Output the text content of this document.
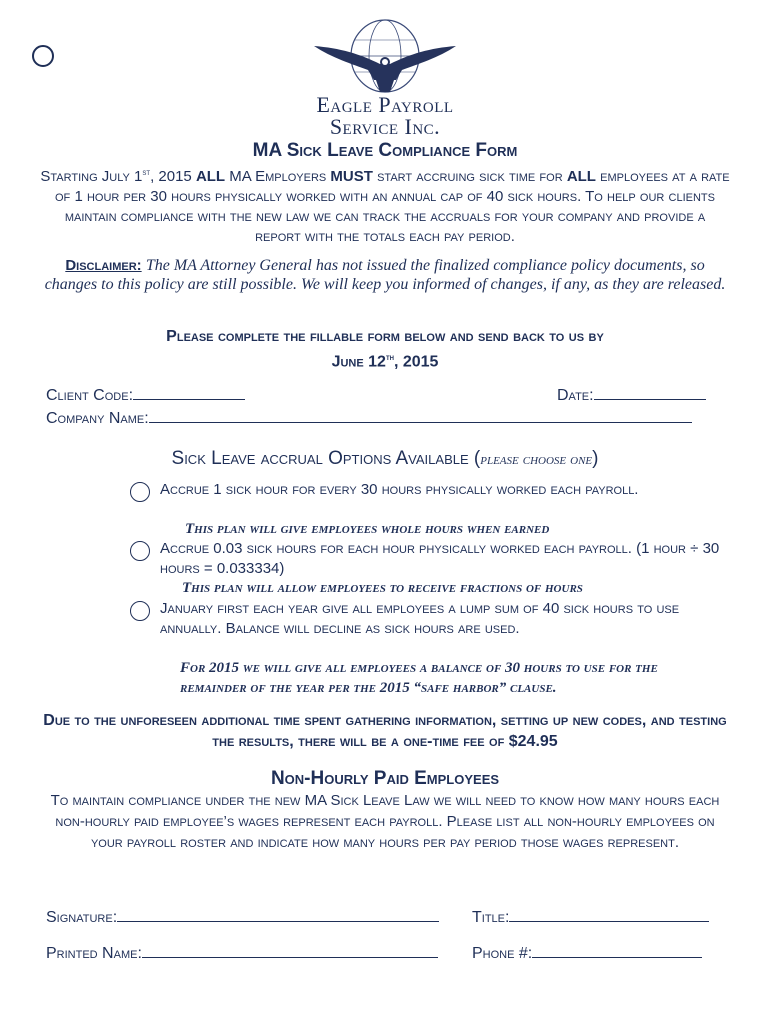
Eagle Payroll
Service Inc.
MA Sick Leave Compliance Form
Starting July 1st, 2015 ALL MA Employers MUST start accruing sick time for ALL employees at a rate of 1 hour per 30 hours physically worked with an annual cap of 40 sick hours. To help our clients maintain compliance with the new law we can track the accruals for your company and provide a report with the totals each pay period.
Disclaimer: The MA Attorney General has not issued the finalized compliance policy documents, so changes to this policy are still possible. We will keep you informed of changes, if any, as they are released.
Please complete the fillable form below and send back to us by
June 12th, 2015
Client Code:	Date:
Company Name:
Sick Leave accrual Options Available (please choose one)
Accrue 1 sick hour for every 30 hours physically worked each payroll.
This plan will give employees whole hours when earned
Accrue 0.03 sick hours for each hour physically worked each payroll. (1 hour ÷ 30 hours = 0.033334)
This plan will allow employees to receive fractions of hours
January first each year give all employees a lump sum of 40 sick hours to use annually. Balance will decline as sick hours are used.
For 2015 we will give all employees a balance of 30 hours to use for the remainder of the year per the 2015 “safe harbor” clause.
Due to the unforeseen additional time spent gathering information, setting up new codes, and testing the results, there will be a one-time fee of $24.95
Non-Hourly Paid Employees
To maintain compliance under the new MA Sick Leave Law we will need to know how many hours each non-hourly paid employee’s wages represent each payroll. Please list all non-hourly employees on your payroll roster and indicate how many hours per pay period those wages represent.
Signature:	Title:
Printed Name:	Phone #:
